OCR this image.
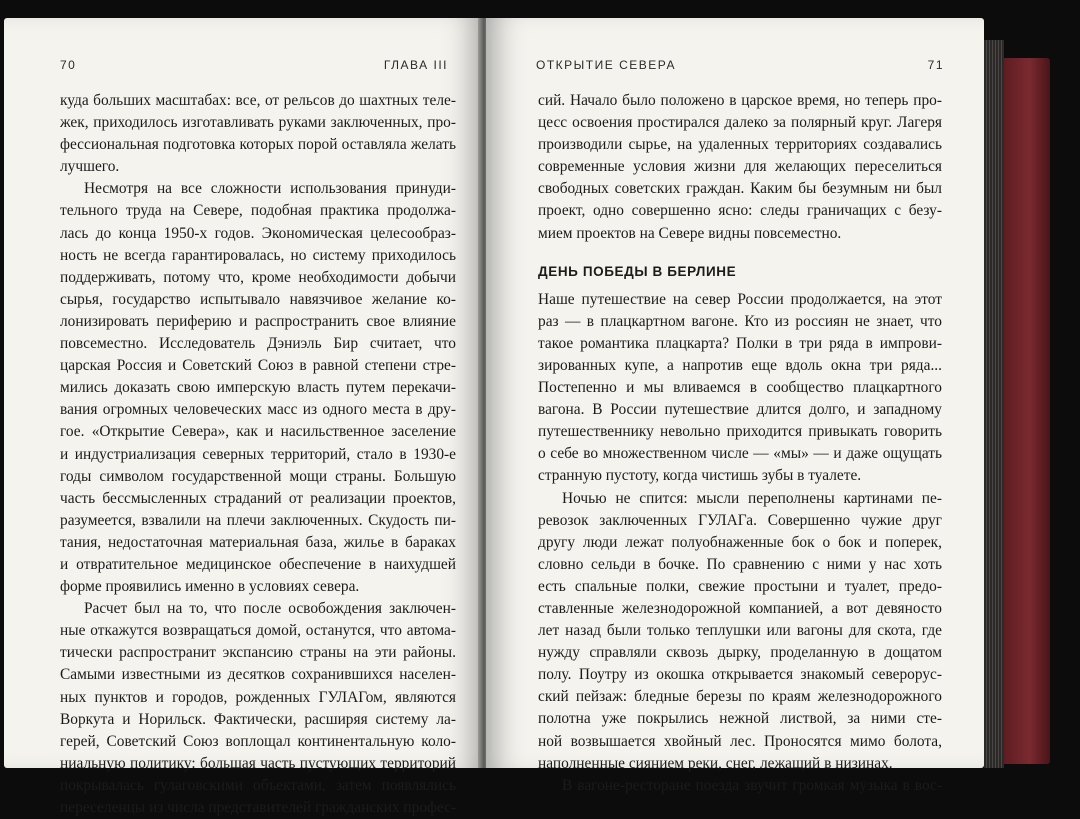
70	ГЛАВА III
куда больших масштабах: все, от рельсов до шахтных теле-
жек, приходилось изготавливать руками заключенных, про-
фессиональная подготовка которых порой оставляла желать
лучшего.
Несмотря на все сложности использования принуди-
тельного труда на Севере, подобная практика продолжа-
лась до конца 1950-х годов. Экономическая целесообраз-
ность не всегда гарантировалась, но систему приходилось
поддерживать, потому что, кроме необходимости добычи
сырья, государство испытывало навязчивое желание ко-
лонизировать периферию и распространить свое влияние
повсеместно. Исследователь Дэниэль Бир считает, что
царская Россия и Советский Союз в равной степени стре-
мились доказать свою имперскую власть путем перекачи-
вания огромных человеческих масс из одного места в дру-
гое. «Открытие Севера», как и насильственное заселение
и индустриализация северных территорий, стало в 1930-е
годы символом государственной мощи страны. Большую
часть бессмысленных страданий от реализации проектов,
разумеется, взвалили на плечи заключенных. Скудость пи-
тания, недостаточная материальная база, жилье в бараках
и отвратительное медицинское обеспечение в наихудшей
форме проявились именно в условиях севера.
Расчет был на то, что после освобождения заключен-
ные откажутся возвращаться домой, останутся, что автома-
тически распространит экспансию страны на эти районы.
Самыми известными из десятков сохранившихся населен-
ных пунктов и городов, рожденных ГУЛАГом, являются
Воркута и Норильск. Фактически, расширяя систему ла-
герей, Советский Союз воплощал континентальную коло-
ниальную политику: большая часть пустующих территорий
покрывалась гулаговскими объектами, затем появлялись
переселенцы из числа представителей гражданских профес-
ОТКРЫТИЕ СЕВЕРА	71
сий. Начало было положено в царское время, но теперь про-
цесс освоения простирался далеко за полярный круг. Лагеря
производили сырье, на удаленных территориях создавались
современные условия жизни для желающих переселиться
свободных советских граждан. Каким бы безумным ни был
проект, одно совершенно ясно: следы граничащих с безу-
мием проектов на Севере видны повсеместно.
ДЕНЬ ПОБЕДЫ В БЕРЛИНЕ
Наше путешествие на север России продолжается, на этот
раз — в плацкартном вагоне. Кто из россиян не знает, что
такое романтика плацкарта? Полки в три ряда в импрови-
зированных купе, а напротив еще вдоль окна три ряда...
Постепенно и мы вливаемся в сообщество плацкартного
вагона. В России путешествие длится долго, и западному
путешественнику невольно приходится привыкать говорить
о себе во множественном числе — «мы» — и даже ощущать
странную пустоту, когда чистишь зубы в туалете.
Ночью не спится: мысли переполнены картинами пе-
ревозок заключенных ГУЛАГа. Совершенно чужие друг
другу люди лежат полуобнаженные бок о бок и поперек,
словно сельди в бочке. По сравнению с ними у нас хоть
есть спальные полки, свежие простыни и туалет, предо-
ставленные железнодорожной компанией, а вот девяносто
лет назад были только теплушки или вагоны для скота, где
нужду справляли сквозь дырку, проделанную в дощатом
полу. Поутру из окошка открывается знакомый северорус-
ский пейзаж: бледные березы по краям железнодорожного
полотна уже покрылись нежной листвой, за ними сте-
ной возвышается хвойный лес. Проносятся мимо болота,
наполненные сиянием реки, снег, лежащий в низинах.
В вагоне-ресторане поезда звучит громкая музыка в вос-
